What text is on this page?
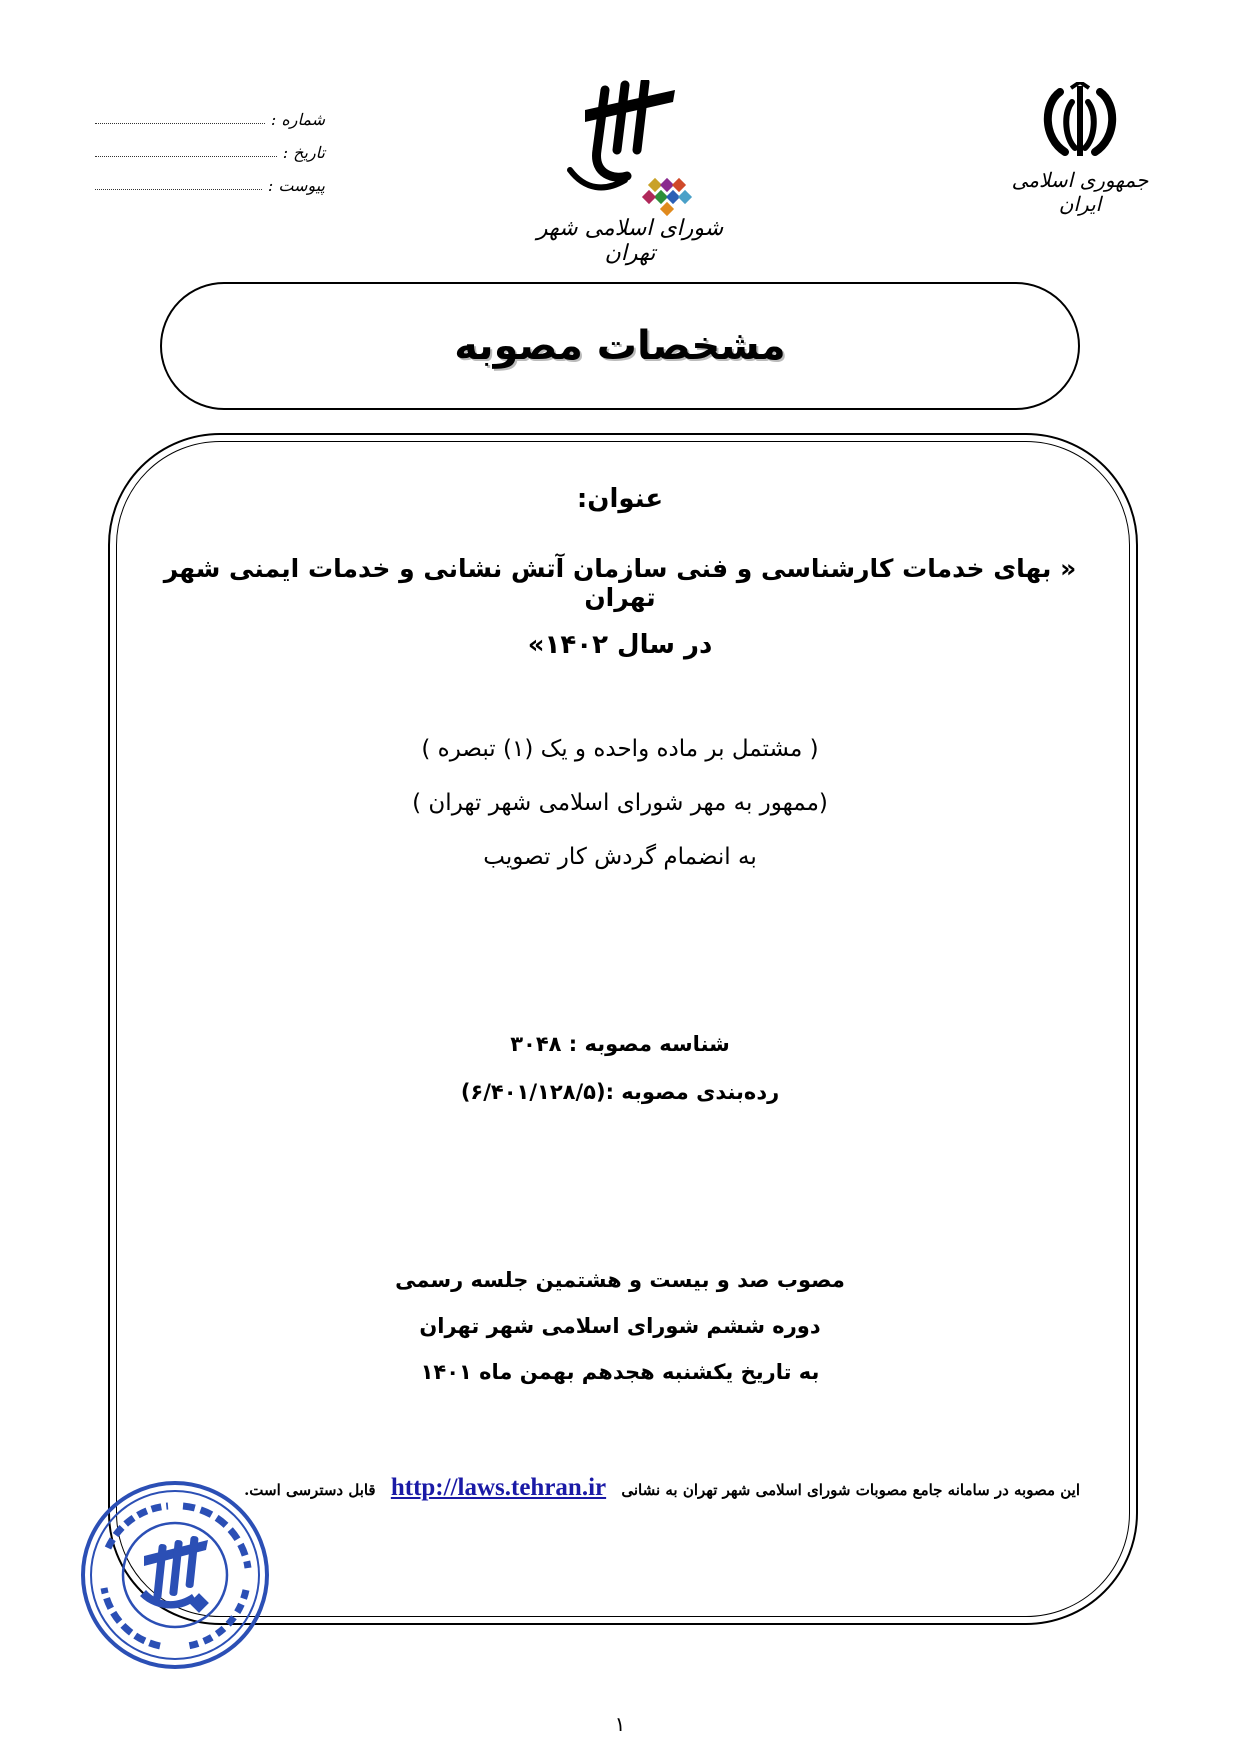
جمهوری اسلامی ایران
شورای اسلامی شهر تهران
شماره :
تاریخ :
پیوست :
مشخصات مصوبه
عنوان:
« بهای خدمات کارشناسی و فنی سازمان آتش نشانی و خدمات ایمنی شهر تهران
در سال ۱۴۰۲»
( مشتمل بر ماده واحده و یک (۱) تبصره )
(ممهور به مهر شورای اسلامی شهر تهران )
به انضمام گردش کار تصویب
شناسه مصوبه : ۳۰۴۸
رده‌بندی مصوبه :(۶/۴۰۱/۱۲۸/۵)
مصوب صد و بیست و هشتمین جلسه رسمی
دوره ششم شورای اسلامی شهر تهران
به تاریخ یکشنبه هجدهم بهمن ماه ۱۴۰۱
این مصوبه در سامانه جامع مصوبات شورای اسلامی شهر تهران به نشانی http://laws.tehran.ir قابل دسترسی است.
۱
